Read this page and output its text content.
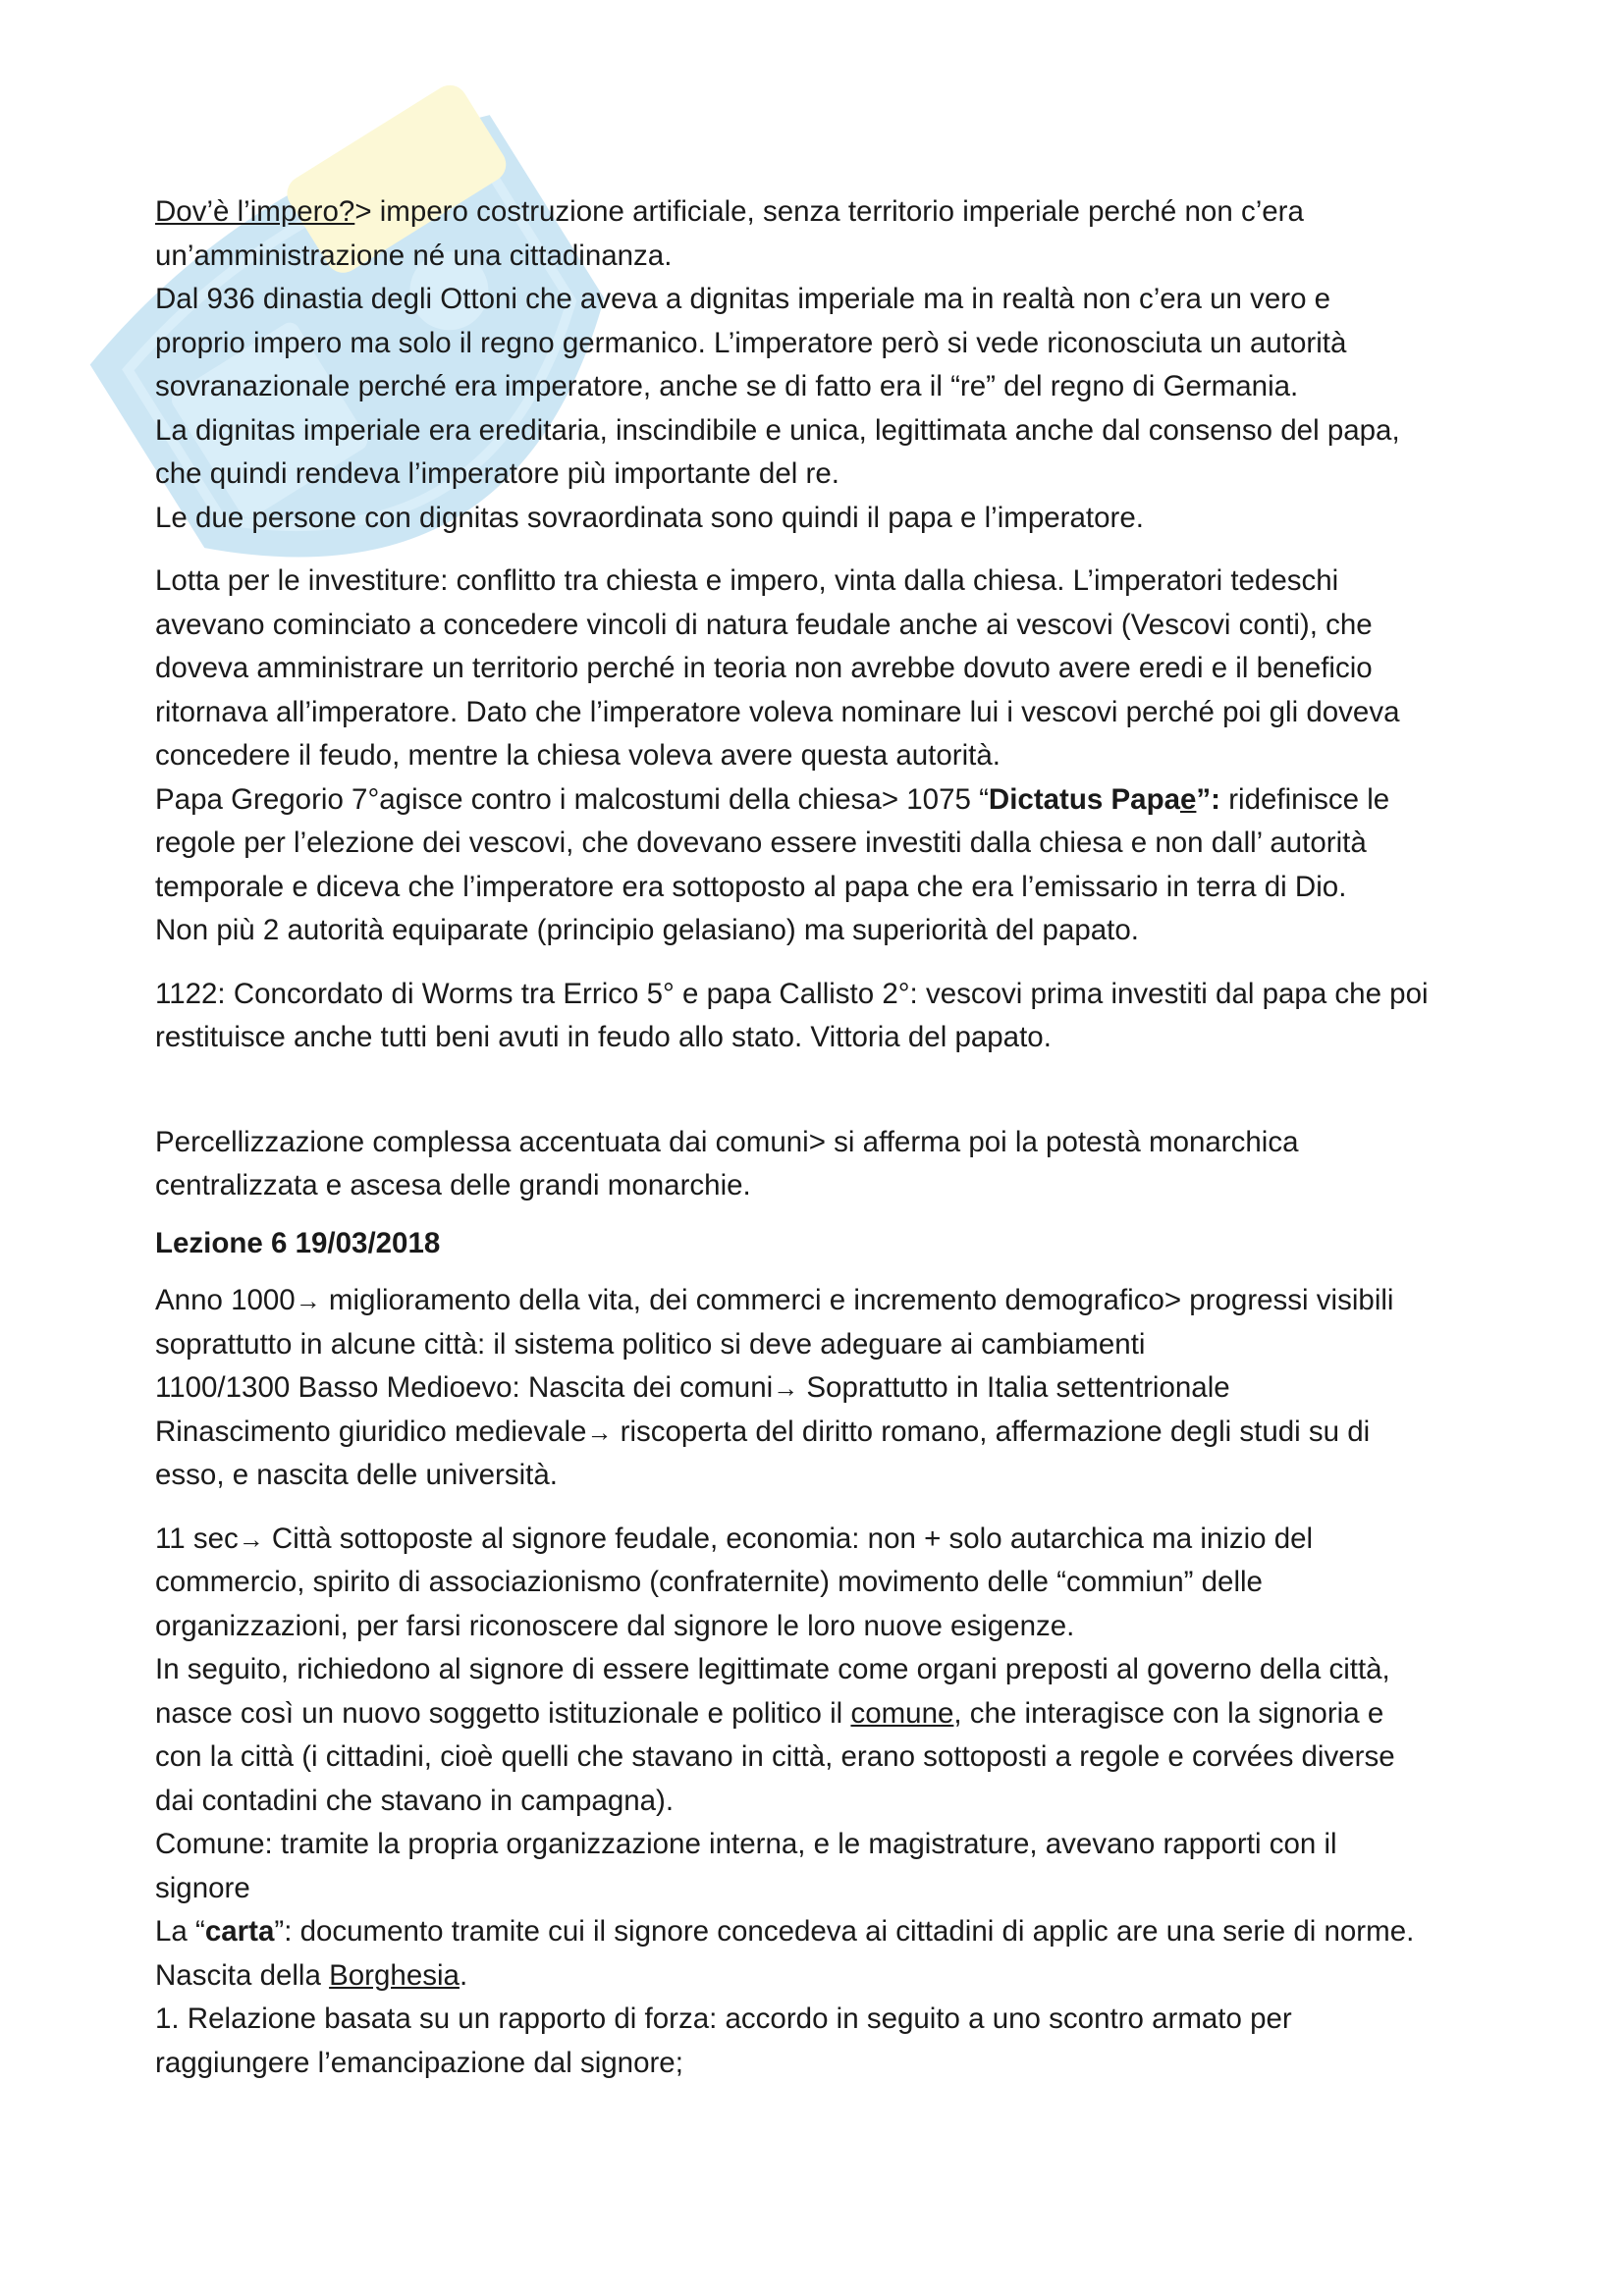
Dov’è l’impero?> impero costruzione artificiale, senza territorio imperiale perché non c’era

un’amministrazione né una cittadinanza.

Dal 936 dinastia degli Ottoni che aveva a dignitas imperiale ma in realtà non c’era un vero e

proprio impero ma solo il regno germanico. L’imperatore però si vede riconosciuta un autorità

sovranazionale perché era imperatore, anche se di fatto era il “re” del regno di Germania.

La dignitas imperiale era ereditaria, inscindibile e unica, legittimata anche dal consenso del papa,

che quindi rendeva l’imperatore più importante del re.

Le due persone con dignitas sovraordinata sono quindi il papa e l’imperatore.

Lotta per le investiture: conflitto tra chiesta e impero, vinta dalla chiesa. L’imperatori tedeschi

avevano cominciato a concedere vincoli di natura feudale anche ai vescovi (Vescovi conti), che

doveva amministrare un territorio perché in teoria non avrebbe dovuto avere eredi e il beneficio

ritornava all’imperatore. Dato che l’imperatore voleva nominare lui i vescovi perché poi gli doveva

concedere il feudo, mentre la chiesa voleva avere questa autorità.

Papa Gregorio 7°agisce contro i malcostumi della chiesa> 1075 “Dictatus Papae”: ridefinisce le

regole per l’elezione dei vescovi, che dovevano essere investiti dalla chiesa e non dall’ autorità

temporale e diceva che l’imperatore era sottoposto al papa che era l’emissario in terra di Dio.

Non più 2 autorità equiparate (principio gelasiano) ma superiorità del papato.

1122: Concordato di Worms tra Errico 5° e papa Callisto 2°: vescovi prima investiti dal papa che poi

restituisce anche tutti beni avuti in feudo allo stato. Vittoria del papato.

Percellizzazione complessa accentuata dai comuni> si afferma poi la potestà monarchica

centralizzata e ascesa delle grandi monarchie.

Lezione 6 19/03/2018

Anno 1000→ miglioramento della vita, dei commerci e incremento demografico> progressi visibili

soprattutto in alcune città: il sistema politico si deve adeguare ai cambiamenti

1100/1300 Basso Medioevo: Nascita dei comuni→ Soprattutto in Italia settentrionale

Rinascimento giuridico medievale→ riscoperta del diritto romano, affermazione degli studi su di

esso, e nascita delle università.

11 sec→ Città sottoposte al signore feudale, economia: non + solo autarchica ma inizio del

commercio, spirito di associazionismo (confraternite) movimento delle “commiun” delle

organizzazioni, per farsi riconoscere dal signore le loro nuove esigenze.

In seguito, richiedono al signore di essere legittimate come organi preposti al governo della città,

nasce così un nuovo soggetto istituzionale e politico il comune, che interagisce con la signoria e

con la città (i cittadini, cioè quelli che stavano in città, erano sottoposti a regole e corvées diverse

dai contadini che stavano in campagna).

Comune: tramite la propria organizzazione interna, e le magistrature, avevano rapporti con il

signore

La “carta”: documento tramite cui il signore concedeva ai cittadini di applic are una serie di norme.

Nascita della Borghesia.

1. Relazione basata su un rapporto di forza: accordo in seguito a uno scontro armato per

raggiungere l’emancipazione dal signore;
